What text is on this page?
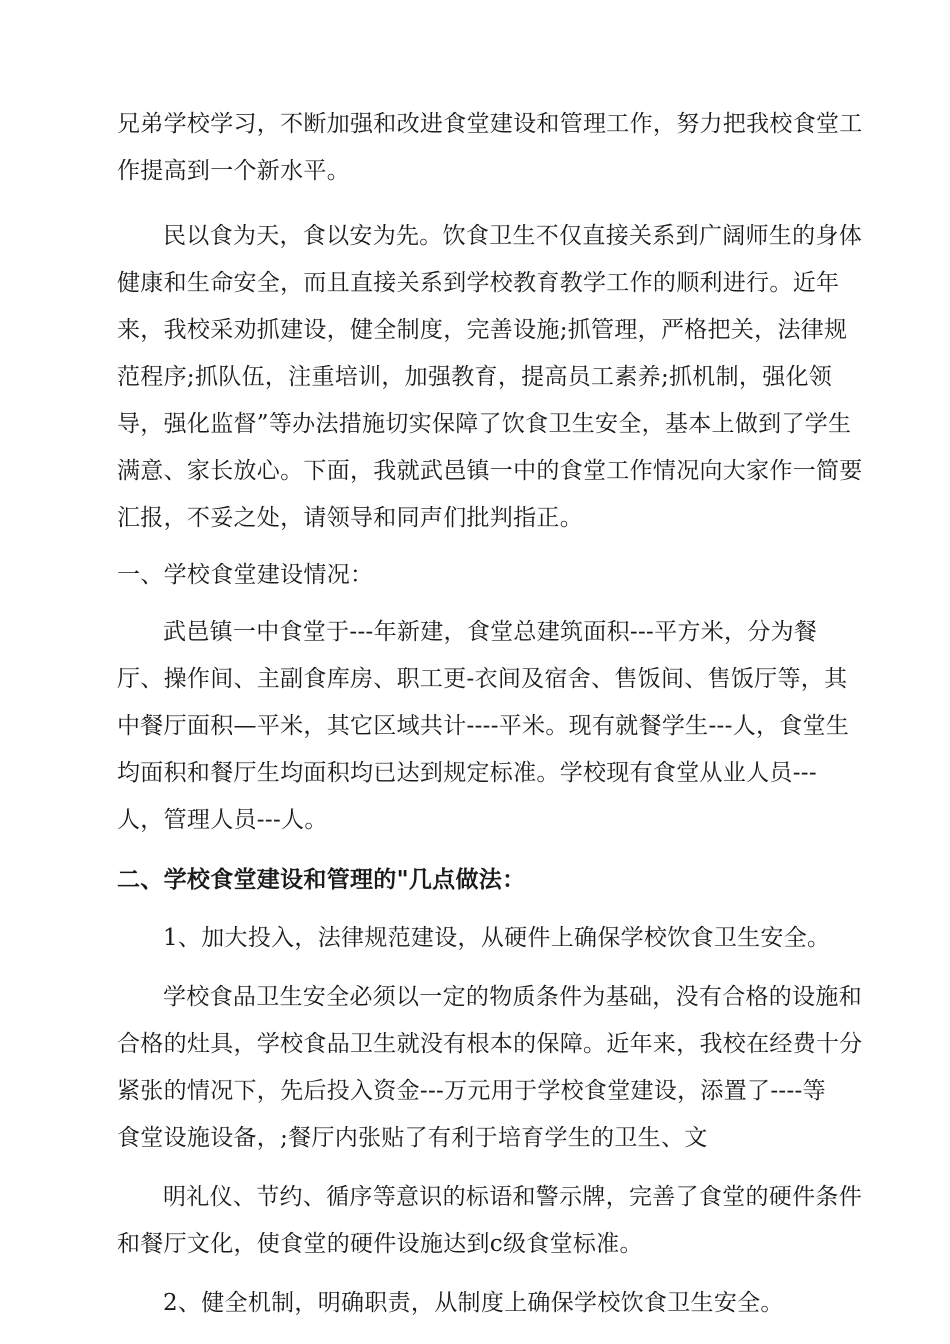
兄弟学校学习，不断加强和改进食堂建设和管理工作，努力把我校食堂工
作提高到一个新水平。

民以食为天，食以安为先。饮食卫生不仅直接关系到广阔师生的身体
健康和生命安全，而且直接关系到学校教育教学工作的顺利进行。近年
来，我校采劝抓建设，健全制度，完善设施;抓管理，严格把关，法律规
范程序;抓队伍，注重培训，加强教育，提高员工素养;抓机制，强化领
导，强化监督”等办法措施切实保障了饮食卫生安全，基本上做到了学生
满意、家长放心。下面，我就武邑镇一中的食堂工作情况向大家作一简要
汇报，不妥之处，请领导和同声们批判指正。

一、学校食堂建设情况：

武邑镇一中食堂于---年新建，食堂总建筑面积---平方米，分为餐
厅、操作间、主副食库房、职工更-衣间及宿舍、售饭间、售饭厅等，其
中餐厅面积—平米，其它区域共计----平米。现有就餐学生---人，食堂生
均面积和餐厅生均面积均已达到规定标准。学校现有食堂从业人员---
人，管理人员---人。

二、学校食堂建设和管理的"几点做法：

1、加大投入，法律规范建设，从硬件上确保学校饮食卫生安全。

学校食品卫生安全必须以一定的物质条件为基础，没有合格的设施和
合格的灶具，学校食品卫生就没有根本的保障。近年来，我校在经费十分
紧张的情况下，先后投入资金---万元用于学校食堂建设，添置了----等
食堂设施设备，;餐厅内张贴了有利于培育学生的卫生、文

明礼仪、节约、循序等意识的标语和警示牌，完善了食堂的硬件条件
和餐厅文化，使食堂的硬件设施达到c级食堂标准。

2、健全机制，明确职责，从制度上确保学校饮食卫生安全。
